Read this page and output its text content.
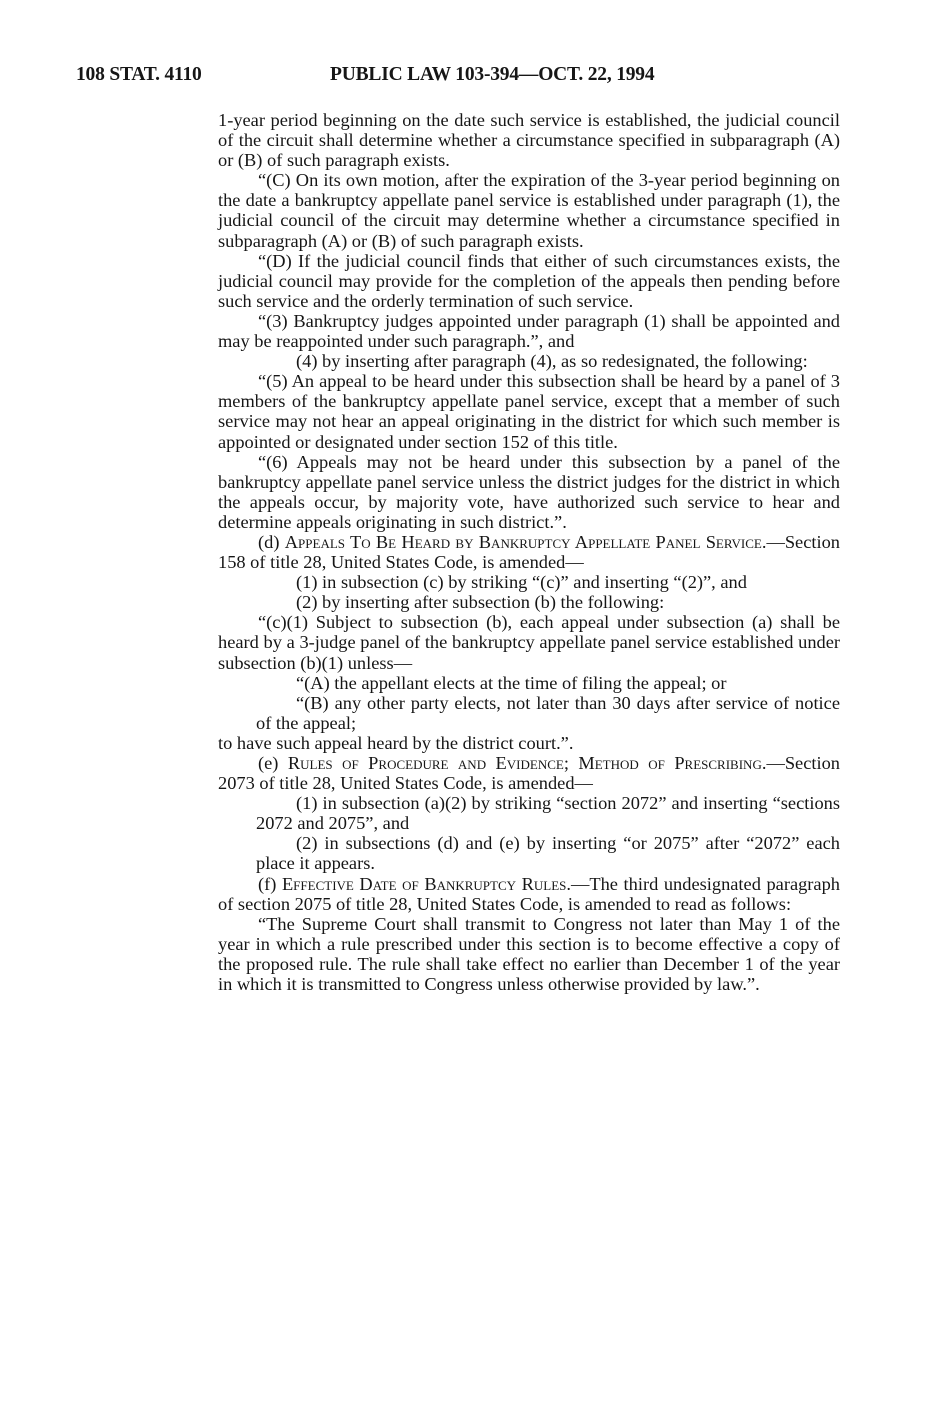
108 STAT. 4110	PUBLIC LAW 103-394—OCT. 22, 1994

1-year period beginning on the date such service is established, the judicial council of the circuit shall determine whether a circumstance specified in subparagraph (A) or (B) of such paragraph exists.

“(C) On its own motion, after the expiration of the 3-year period beginning on the date a bankruptcy appellate panel service is established under paragraph (1), the judicial council of the circuit may determine whether a circumstance specified in subparagraph (A) or (B) of such paragraph exists.

“(D) If the judicial council finds that either of such circumstances exists, the judicial council may provide for the completion of the appeals then pending before such service and the orderly termination of such service.

“(3) Bankruptcy judges appointed under paragraph (1) shall be appointed and may be reappointed under such paragraph.”, and

(4) by inserting after paragraph (4), as so redesignated, the following:

“(5) An appeal to be heard under this subsection shall be heard by a panel of 3 members of the bankruptcy appellate panel service, except that a member of such service may not hear an appeal originating in the district for which such member is appointed or designated under section 152 of this title.

“(6) Appeals may not be heard under this subsection by a panel of the bankruptcy appellate panel service unless the district judges for the district in which the appeals occur, by majority vote, have authorized such service to hear and determine appeals originating in such district.”.

(d) Appeals To Be Heard by Bankruptcy Appellate Panel Service.—Section 158 of title 28, United States Code, is amended—

(1) in subsection (c) by striking “(c)” and inserting “(2)”, and

(2) by inserting after subsection (b) the following:

“(c)(1) Subject to subsection (b), each appeal under subsection (a) shall be heard by a 3-judge panel of the bankruptcy appellate panel service established under subsection (b)(1) unless—

“(A) the appellant elects at the time of filing the appeal; or

“(B) any other party elects, not later than 30 days after service of notice of the appeal;

to have such appeal heard by the district court.”.

(e) Rules of Procedure and Evidence; Method of Prescribing.—Section 2073 of title 28, United States Code, is amended—

(1) in subsection (a)(2) by striking “section 2072” and inserting “sections 2072 and 2075”, and

(2) in subsections (d) and (e) by inserting “or 2075” after “2072” each place it appears.

(f) Effective Date of Bankruptcy Rules.—The third undesignated paragraph of section 2075 of title 28, United States Code, is amended to read as follows:

“The Supreme Court shall transmit to Congress not later than May 1 of the year in which a rule prescribed under this section is to become effective a copy of the proposed rule. The rule shall take effect no earlier than December 1 of the year in which it is transmitted to Congress unless otherwise provided by law.”.
